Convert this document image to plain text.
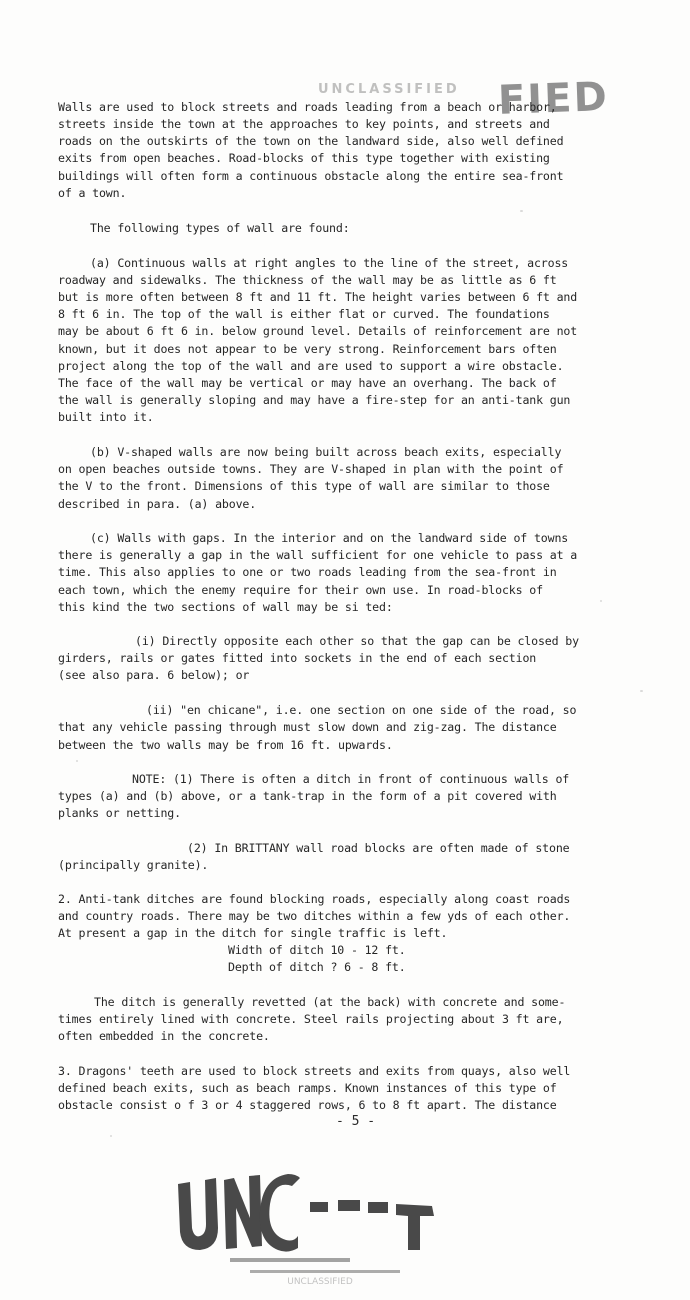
UNCLASSIFIED FIED
Walls are used to block streets and roads leading from a beach or harbor,
streets inside the town at the approaches to key points, and streets and
roads on the outskirts of the town on the landward side, also well defined
exits from open beaches. Road-blocks of this type together with existing
buildings will often form a continuous obstacle along the entire sea-front
of a town.
The following types of wall are found:
(a) Continuous walls at right angles to the line of the street, across
roadway and sidewalks. The thickness of the wall may be as little as 6 ft
but is more often between 8 ft and 11 ft. The height varies between 6 ft and
8 ft 6 in. The top of the wall is either flat or curved. The foundations
may be about 6 ft 6 in. below ground level. Details of reinforcement are not
known, but it does not appear to be very strong. Reinforcement bars often
project along the top of the wall and are used to support a wire obstacle.
The face of the wall may be vertical or may have an overhang. The back of
the wall is generally sloping and may have a fire-step for an anti-tank gun
built into it.
(b) V-shaped walls are now being built across beach exits, especially
on open beaches outside towns. They are V-shaped in plan with the point of
the V to the front. Dimensions of this type of wall are similar to those
described in para. (a) above.
(c) Walls with gaps. In the interior and on the landward side of towns
there is generally a gap in the wall sufficient for one vehicle to pass at a
time. This also applies to one or two roads leading from the sea-front in
each town, which the enemy require for their own use. In road-blocks of
this kind the two sections of wall may be si ted:
(i) Directly opposite each other so that the gap can be closed by
girders, rails or gates fitted into sockets in the end of each section
(see also para. 6 below); or
(ii) "en chicane", i.e. one section on one side of the road, so
that any vehicle passing through must slow down and zig-zag. The distance
between the two walls may be from 16 ft. upwards.
NOTE: (1) There is often a ditch in front of continuous walls of
types (a) and (b) above, or a tank-trap in the form of a pit covered with
planks or netting.
(2) In BRITTANY wall road blocks are often made of stone
(principally granite).
2. Anti-tank ditches are found blocking roads, especially along coast roads
and country roads. There may be two ditches within a few yds of each other.
At present a gap in the ditch for single traffic is left.
Width of ditch 10 - 12 ft.
Depth of ditch ? 6 - 8 ft.
The ditch is generally revetted (at the back) with concrete and some-
times entirely lined with concrete. Steel rails projecting about 3 ft are,
often embedded in the concrete.
3. Dragons' teeth are used to block streets and exits from quays, also well
defined beach exits, such as beach ramps. Known instances of this type of
obstacle consist o f 3 or 4 staggered rows, 6 to 8 ft apart. The distance
- 5 -
UNCLASSIFIED
